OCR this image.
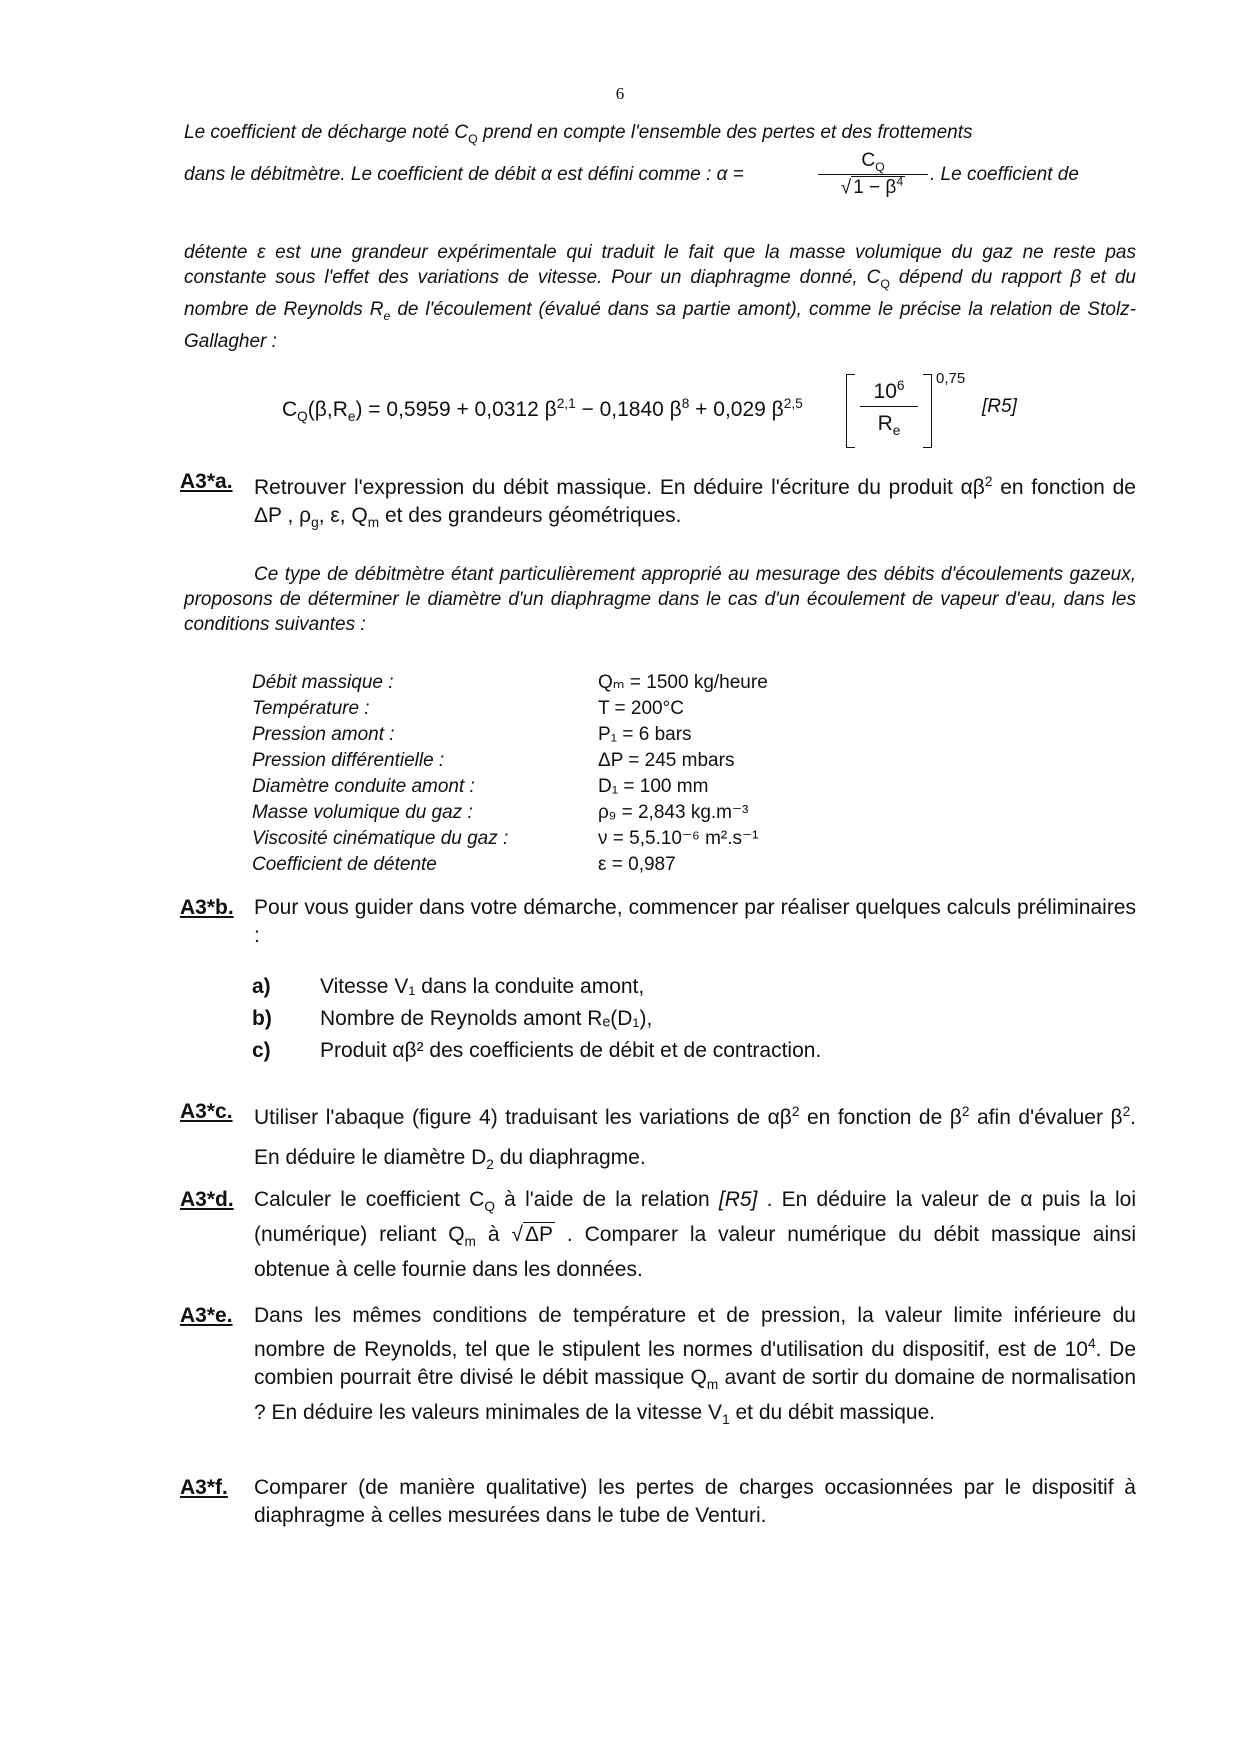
6
Le coefficient de décharge noté $C_Q$ prend en compte l'ensemble des pertes et des frottements
dans le débitmètre. Le coefficient de débit α est défini comme : α =	$\frac{C_Q}{√ 1 - \beta^4}$ . Le coefficient de
détente ε est une grandeur expérimentale qui traduit le fait que la masse volumique du gaz ne reste pas constante sous l'effet des variations de vitesse. Pour un diaphragme donné, $C_Q$ dépend du rapport β et du nombre de Reynolds $R_e$ de l'écoulement (évalué dans sa partie amont), comme le précise la relation de Stolz-Gallagher :
$C_Q(\beta,R_e) = 0,5959 + 0,0312$ $\beta^{2,1} - 0,1840$ $\beta^8 + 0,029$ $\beta^{2,5}$
$10^6$
$R_e$
0,75
[R5]
A3*a. Retrouver l'expression du débit massique. En déduire l'écriture du produit $\alpha\beta^2$ en fonction de ΔP , $\rho_g$, ε, $Q_m$ et des grandeurs géométriques.
Ce type de débitmètre étant particulièrement approprié au mesurage des débits d'écoulements gazeux, proposons de déterminer le diamètre d'un diaphragme dans le cas d'un écoulement de vapeur d'eau, dans les conditions suivantes :
Débit massique :	Qₘ = 1500 kg/heure
Température :	T = 200°C
Pression amont :	P₁ = 6 bars
Pression différentielle :	ΔP = 245 mbars
Diamètre conduite amont :	D₁ = 100 mm
Masse volumique du gaz :	ρ₉ = 2,843 kg.m⁻³
Viscosité cinématique du gaz :	ν = 5,5.10⁻⁶ m².s⁻¹
Coefficient de détente	ε = 0,987
A3*b. Pour vous guider dans votre démarche, commencer par réaliser quelques calculs préliminaires :
a) Vitesse V₁ dans la conduite amont,
b) Nombre de Reynolds amont Rₑ(D₁),
c) Produit αβ² des coefficients de débit et de contraction.
A3*c. Utiliser l'abaque (figure 4) traduisant les variations de $\alpha\beta^2$ en fonction de $\beta^2$ afin d'évaluer $\beta^2$. En déduire le diamètre $D_2$ du diaphragme.
A3*d. Calculer le coefficient $C_Q$ à l'aide de la relation [R5] . En déduire la valeur de α puis la loi (numérique) reliant $Q_m$ à √ΔP . Comparer la valeur numérique du débit massique ainsi obtenue à celle fournie dans les données.
A3*e. Dans les mêmes conditions de température et de pression, la valeur limite inférieure du nombre de Reynolds, tel que le stipulent les normes d'utilisation du dispositif, est de $10^4$. De combien pourrait être divisé le débit massique $Q_m$ avant de sortir du domaine de normalisation ? En déduire les valeurs minimales de la vitesse $V_1$ et du débit massique.
A3*f. Comparer (de manière qualitative) les pertes de charges occasionnées par le dispositif à diaphragme à celles mesurées dans le tube de Venturi.
